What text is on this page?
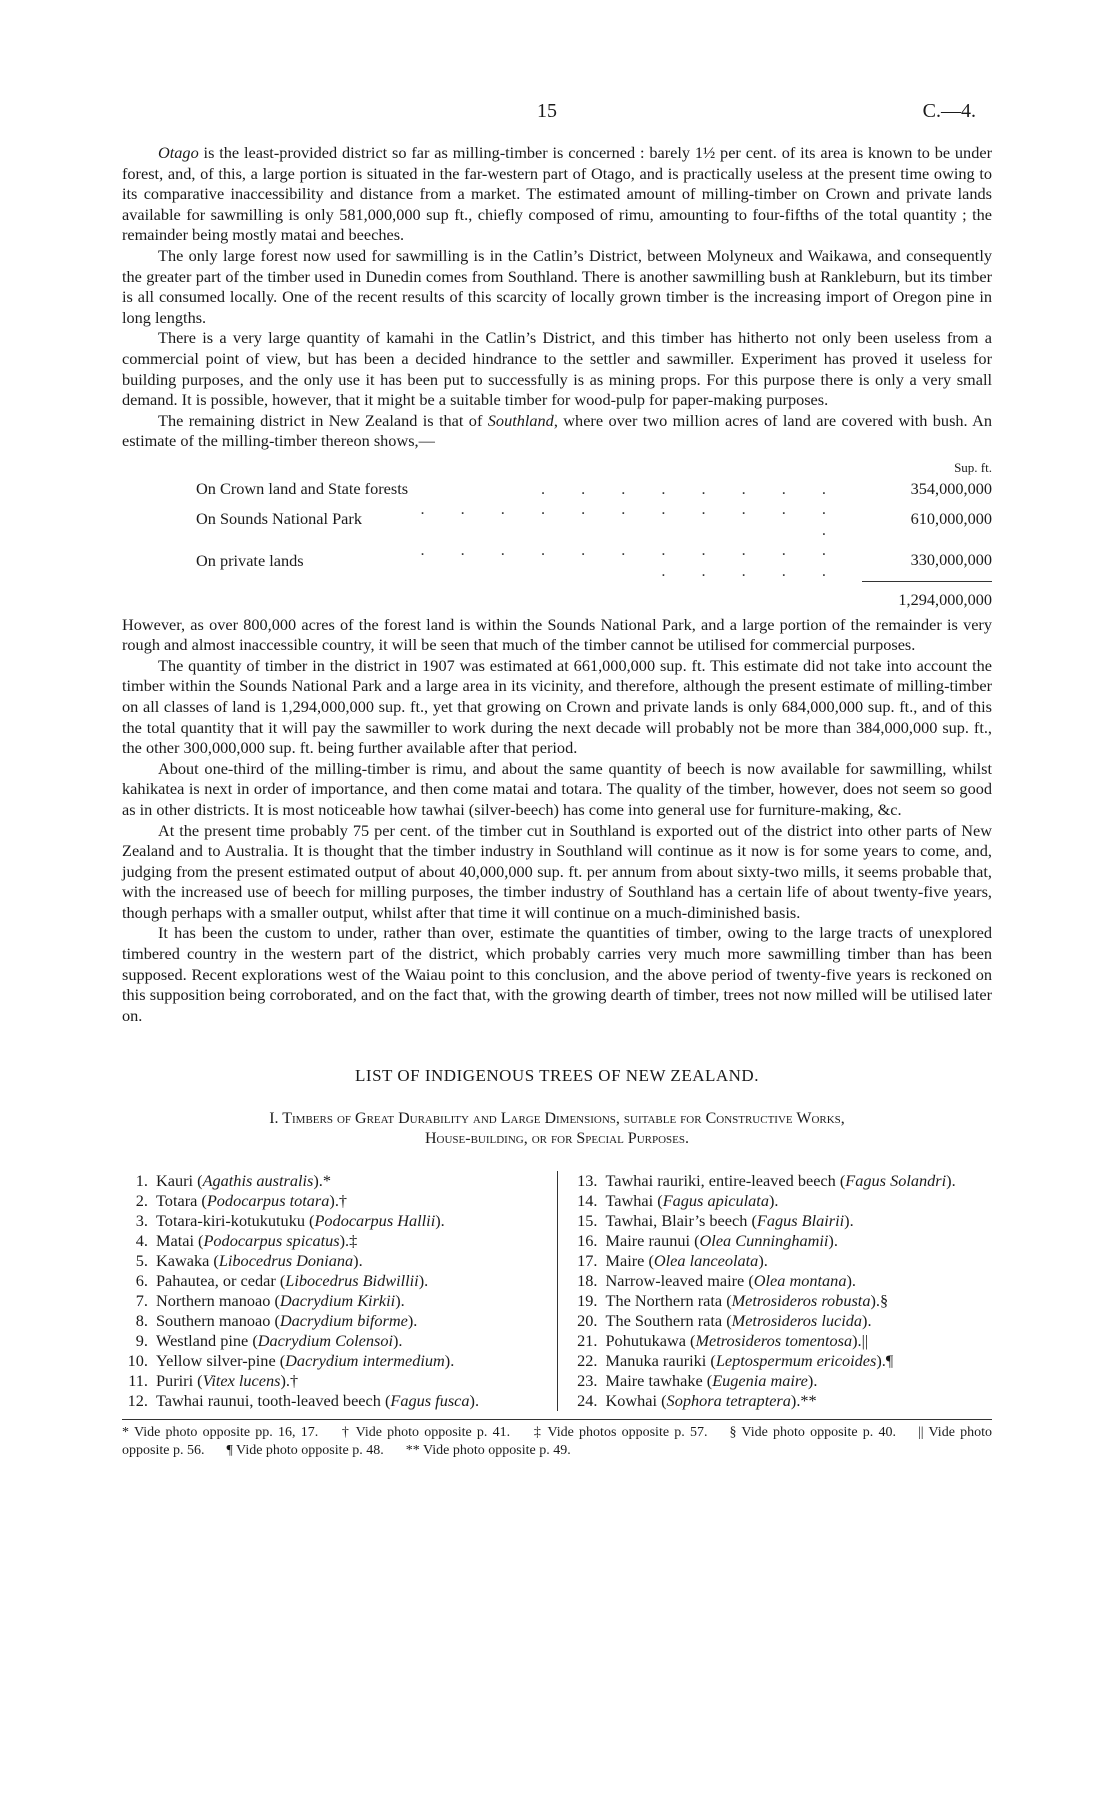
15	C.—4.

Otago is the least-provided district so far as milling-timber is concerned : barely 1½ per cent. of its area is known to be under forest, and, of this, a large portion is situated in the far-western part of Otago, and is practically useless at the present time owing to its comparative inaccessibility and distance from a market. The estimated amount of milling-timber on Crown and private lands available for sawmilling is only 581,000,000 sup ft., chiefly composed of rimu, amounting to four-fifths of the total quantity ; the remainder being mostly matai and beeches.

The only large forest now used for sawmilling is in the Catlin’s District, between Molyneux and Waikawa, and consequently the greater part of the timber used in Dunedin comes from Southland. There is another sawmilling bush at Rankleburn, but its timber is all consumed locally. One of the recent results of this scarcity of locally grown timber is the increasing import of Oregon pine in long lengths.

There is a very large quantity of kamahi in the Catlin’s District, and this timber has hitherto not only been useless from a commercial point of view, but has been a decided hindrance to the settler and sawmiller. Experiment has proved it useless for building purposes, and the only use it has been put to successfully is as mining props. For this purpose there is only a very small demand. It is possible, however, that it might be a suitable timber for wood-pulp for paper-making purposes.

The remaining district in New Zealand is that of Southland, where over two million acres of land are covered with bush. An estimate of the milling-timber thereon shows,—

		Sup. ft.
On Crown land and State forests	. . . . . . . .	354,000,000
On Sounds National Park	. . . . . . . . . . . .	610,000,000
On private lands	. . . . . . . . . . . . . . . .	330,000,000
		1,294,000,000

However, as over 800,000 acres of the forest land is within the Sounds National Park, and a large portion of the remainder is very rough and almost inaccessible country, it will be seen that much of the timber cannot be utilised for commercial purposes.

The quantity of timber in the district in 1907 was estimated at 661,000,000 sup. ft. This estimate did not take into account the timber within the Sounds National Park and a large area in its vicinity, and therefore, although the present estimate of milling-timber on all classes of land is 1,294,000,000 sup. ft., yet that growing on Crown and private lands is only 684,000,000 sup. ft., and of this the total quantity that it will pay the sawmiller to work during the next decade will probably not be more than 384,000,000 sup. ft., the other 300,000,000 sup. ft. being further available after that period.

About one-third of the milling-timber is rimu, and about the same quantity of beech is now available for sawmilling, whilst kahikatea is next in order of importance, and then come matai and totara. The quality of the timber, however, does not seem so good as in other districts. It is most noticeable how tawhai (silver-beech) has come into general use for furniture-making, &c.

At the present time probably 75 per cent. of the timber cut in Southland is exported out of the district into other parts of New Zealand and to Australia. It is thought that the timber industry in Southland will continue as it now is for some years to come, and, judging from the present estimated output of about 40,000,000 sup. ft. per annum from about sixty-two mills, it seems probable that, with the increased use of beech for milling purposes, the timber industry of Southland has a certain life of about twenty-five years, though perhaps with a smaller output, whilst after that time it will continue on a much-diminished basis.

It has been the custom to under, rather than over, estimate the quantities of timber, owing to the large tracts of unexplored timbered country in the western part of the district, which probably carries very much more sawmilling timber than has been supposed. Recent explorations west of the Waiau point to this conclusion, and the above period of twenty-five years is reckoned on this supposition being corroborated, and on the fact that, with the growing dearth of timber, trees not now milled will be utilised later on.

LIST OF INDIGENOUS TREES OF NEW ZEALAND.
I. Timbers of Great Durability and Large Dimensions, suitable for Constructive Works,
House-building, or for Special Purposes.
1. Kauri (Agathis australis).*
2. Totara (Podocarpus totara).†
3. Totara-kiri-kotukutuku (Podocarpus Hallii).
4. Matai (Podocarpus spicatus).‡
5. Kawaka (Libocedrus Doniana).
6. Pahautea, or cedar (Libocedrus Bidwillii).
7. Northern manoao (Dacrydium Kirkii).
8. Southern manoao (Dacrydium biforme).
9. Westland pine (Dacrydium Colensoi).
10. Yellow silver-pine (Dacrydium intermedium).
11. Puriri (Vitex lucens).†
12. Tawhai raunui, tooth-leaved beech (Fagus fusca).
13. Tawhai rauriki, entire-leaved beech (Fagus Solandri).
14. Tawhai (Fagus apiculata).
15. Tawhai, Blair’s beech (Fagus Blairii).
16. Maire raunui (Olea Cunninghamii).
17. Maire (Olea lanceolata).
18. Narrow-leaved maire (Olea montana).
19. The Northern rata (Metrosideros robusta).§
20. The Southern rata (Metrosideros lucida).
21. Pohutukawa (Metrosideros tomentosa).||
22. Manuka rauriki (Leptospermum ericoides).¶
23. Maire tawhake (Eugenia maire).
24. Kowhai (Sophora tetraptera).**
* Vide photo opposite pp. 16, 17. † Vide photo opposite p. 41. ‡ Vide photos opposite p. 57. § Vide photo opposite p. 40. || Vide photo opposite p. 56. ¶ Vide photo opposite p. 48. ** Vide photo opposite p. 49.
